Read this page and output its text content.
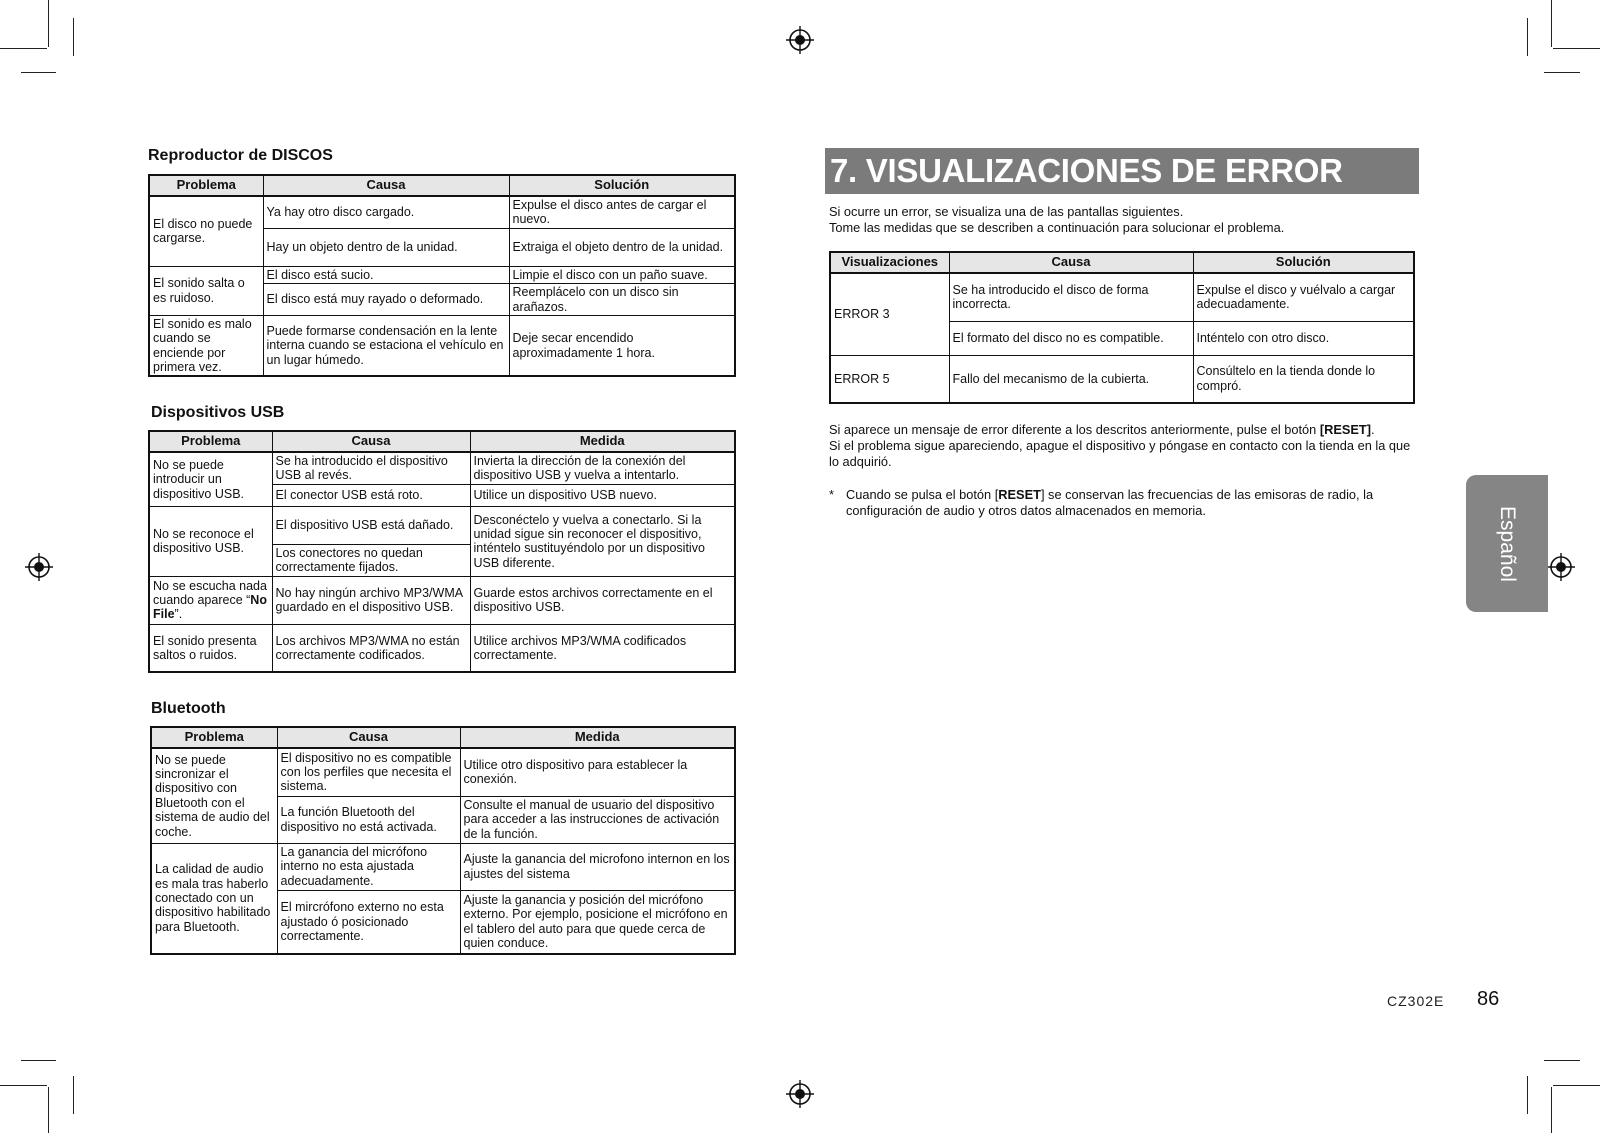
Reproductor de DISCOS
Problema	Causa	Solución
El disco no puede cargarse.	Ya hay otro disco cargado.	Expulse el disco antes de cargar el nuevo.
	Hay un objeto dentro de la unidad.	Extraiga el objeto dentro de la unidad.
El sonido salta o es ruidoso.	El disco está sucio.	Limpie el disco con un paño suave.
	El disco está muy rayado o deformado.	Reemplácelo con un disco sin arañazos.
El sonido es malo cuando se enciende por primera vez.	Puede formarse condensación en la lente interna cuando se estaciona el vehículo en un lugar húmedo.	Deje secar encendido aproximadamente 1 hora.
Dispositivos USB
Problema	Causa	Medida
No se puede introducir un dispositivo USB.	Se ha introducido el dispositivo USB al revés.	Invierta la dirección de la conexión del dispositivo USB y vuelva a intentarlo.
	El conector USB está roto.	Utilice un dispositivo USB nuevo.
No se reconoce el dispositivo USB.	El dispositivo USB está dañado.	Desconéctelo y vuelva a conectarlo. Si la unidad sigue sin reconocer el dispositivo, inténtelo sustituyéndolo por un dispositivo USB diferente.
	Los conectores no quedan correctamente fijados.	
No se escucha nada cuando aparece “No File”.	No hay ningún archivo MP3/WMA guardado en el dispositivo USB.	Guarde estos archivos correctamente en el dispositivo USB.
El sonido presenta saltos o ruidos.	Los archivos MP3/WMA no están correctamente codificados.	Utilice archivos MP3/WMA codificados correctamente.
Bluetooth
Problema	Causa	Medida
No se puede sincronizar el dispositivo con Bluetooth con el sistema de audio del coche.	El dispositivo no es compatible con los perfiles que necesita el sistema.	Utilice otro dispositivo para establecer la conexión.
	La función Bluetooth del dispositivo no está activada.	Consulte el manual de usuario del dispositivo para acceder a las instrucciones de activación de la función.
La calidad de audio es mala tras haberlo conectado con un dispositivo habilitado para Bluetooth.	La ganancia del micrófono interno no esta ajustada adecuadamente.	Ajuste la ganancia del microfono internon en los ajustes del sistema
	El mircrófono externo no esta ajustado ó posicionado correctamente.	Ajuste la ganancia y posición del micrófono externo. Por ejemplo, posicione el micrófono en el tablero del auto para que quede cerca de quien conduce.
7. VISUALIZACIONES DE ERROR
Si ocurre un error, se visualiza una de las pantallas siguientes.
Tome las medidas que se describen a continuación para solucionar el problema.
Visualizaciones	Causa	Solución
ERROR 3	Se ha introducido el disco de forma incorrecta.	Expulse el disco y vuélvalo a cargar adecuadamente.
	El formato del disco no es compatible.	Inténtelo con otro disco.
ERROR 5	Fallo del mecanismo de la cubierta.	Consúltelo en la tienda donde lo compró.
Si aparece un mensaje de error diferente a los descritos anteriormente, pulse el botón [RESET].
Si el problema sigue apareciendo, apague el dispositivo y póngase en contacto con la tienda en la que lo adquirió.
* Cuando se pulsa el botón [RESET] se conservan las frecuencias de las emisoras de radio, la configuración de audio y otros datos almacenados en memoria.	Español
CZ302E 86
